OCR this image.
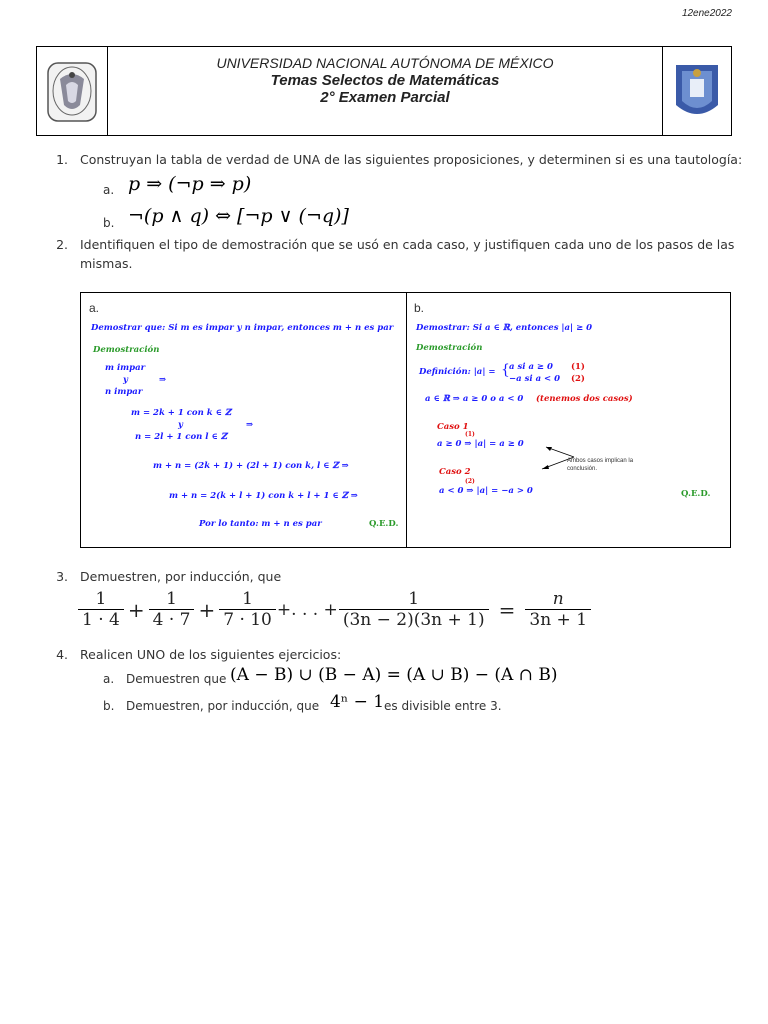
12ene2022
UNIVERSIDAD NACIONAL AUTÓNOMA DE MÉXICO
Temas Selectos de Matemáticas
2° Examen Parcial
1. Construyan la tabla de verdad de UNA de las siguientes proposiciones, y determinen si es una tautología:
a. p ⇒ (¬p ⇒ p)
b. ¬(p ∧ q) ⇔ [¬p ∨ (¬q)]
2. Identifiquen el tipo de demostración que se usó en cada caso, y justifiquen cada uno de los pasos de las mismas.
a.
Demostrar que: Si m es impar y n impar, entonces m + n es par
Demostración
m impar
y	⇒
n impar
m = 2k + 1 con k ∈ ℤ
y	⇒
n = 2l + 1 con l ∈ ℤ
m + n = (2k + 1) + (2l + 1) con k, l ∈ ℤ ⇒
m + n = 2(k + l + 1) con k + l + 1 ∈ ℤ ⇒
Por lo tanto: m + n es par	Q.E.D.
b.
Demostrar: Si a ∈ ℝ, entonces |a| ≥ 0
Demostración
Definición: |a| = { a si a ≥ 0 (1)
−a si a < 0 (2)
a ∈ ℝ ⇒ a ≥ 0 o a < 0 (tenemos dos casos)
Caso 1
(1)
a ≥ 0 ⇒ |a| = a ≥ 0
Ambos casos implican la conclusión.
Caso 2
(2)
a < 0 ⇒ |a| = −a > 0	Q.E.D.
3. Demuestren, por inducción, que
$\frac{1}{1 \cdot 4} + \frac{1}{4 \cdot 7} + \frac{1}{7 \cdot 10}$ +. . . + $\frac{1}{(3n - 2)(3n + 1)} = \frac{n}{3n + 1}$
4. Realicen UNO de los siguientes ejercicios:
a. Demuestren que (A − B) ∪ (B − A) = (A ∪ B) − (A ∩ B)
b. Demuestren, por inducción, que 4ⁿ − 1 es divisible entre 3.
